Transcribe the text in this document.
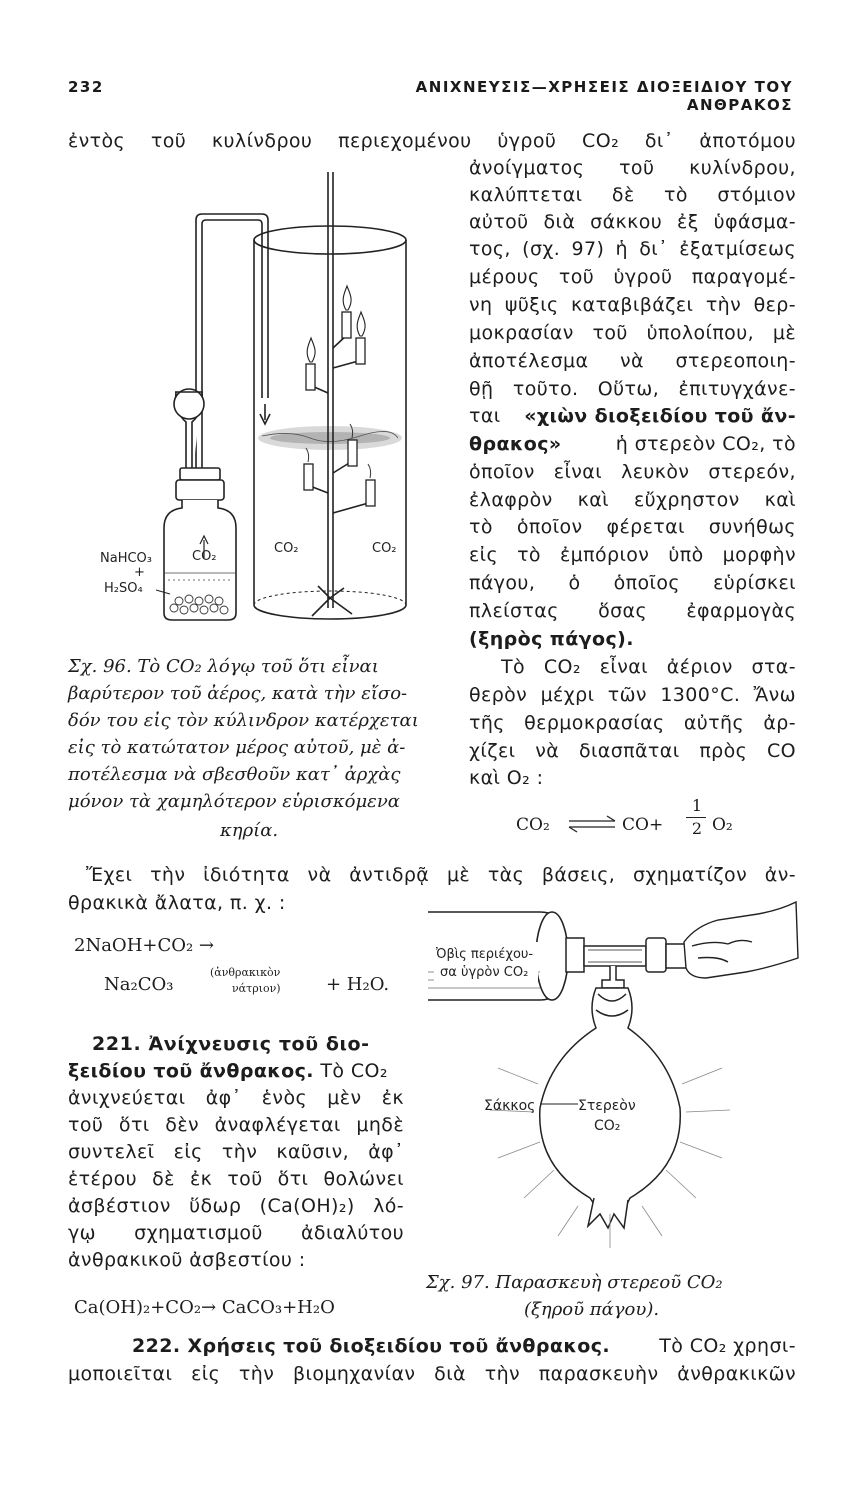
232	ΑΝΙΧΝΕΥΣΙΣ—ΧΡΗΣΕΙΣ ΔΙΟΞΕΙΔΙΟΥ ΤΟΥ ΑΝΘΡΑΚΟΣ
ἐντὸς τοῦ κυλίνδρου περιεχομένου ὑγροῦ CO₂ δι᾿ ἀποτόμου
ἀνοίγματος τοῦ κυλίνδρου,
καλύπτεται δὲ τὸ στόμιον
αὐτοῦ διὰ σάκκου ἐξ ὑφάσμα-
τος, (σχ. 97) ἡ δι᾿ ἐξατμίσεως
μέρους τοῦ ὑγροῦ παραγομέ-
νη ψῦξις καταβιβάζει τὴν θερ-
μοκρασίαν τοῦ ὑπολοίπου, μὲ
ἀποτέλεσμα νὰ στερεοποιη-
θῇ τοῦτο. Οὕτω, ἐπιτυγχάνε-
ται «χιὼν διοξειδίου τοῦ ἄν-
θρακος»	ἡ στερεὸν CO₂, τὸ
ὁποῖον εἶναι λευκὸν στερεόν,
ἐλαφρὸν καὶ εὔχρηστον καὶ
τὸ ὁποῖον φέρεται συνήθως
εἰς τὸ ἐμπόριον ὑπὸ μορφὴν
πάγου, ὁ ὁποῖος εὑρίσκει
πλείστας ὅσας ἐφαρμογὰς
(ξηρὸς πάγος).
Τὸ CO₂ εἶναι ἀέριον στα-
θερὸν μέχρι τῶν 1300°C. Ἄνω
τῆς θερμοκρασίας αὐτῆς ἀρ-
χίζει νὰ διασπᾶται πρὸς CO
καὶ O₂ :
CO₂ ⇌ CO+
1
2 O₂
NaHCO₃
+
H₂SO₄
CO₂
CO₂	CO₂
Σχ. 96. Τὸ CO₂ λόγῳ τοῦ ὅτι εἶναι
βαρύτερον τοῦ ἀέρος, κατὰ τὴν εἴσο-
δόν του εἰς τὸν κύλινδρον κατέρχεται
εἰς τὸ κατώτατον μέρος αὐτοῦ, μὲ ἀ-
ποτέλεσμα νὰ σβεσθοῦν κατ᾿ ἀρχὰς
μόνον τὰ χαμηλότερον εὑρισκόμενα
κηρία.
Ἔχει τὴν ἰδιότητα νὰ ἀντιδρᾷ μὲ τὰς βάσεις, σχηματίζον ἀν-
θρακικὰ ἄλατα, π. χ. :
2NaOH+CO₂ →
Na₂CO₃
(ἀνθρακικὸν
νάτριον)	+ H₂O.
221. Ἀνίχνευσις τοῦ διο-
ξειδίου τοῦ ἄνθρακος. Τὸ CO₂
ἀνιχνεύεται ἀφ᾿ ἑνὸς μὲν ἐκ
τοῦ ὅτι δὲν ἀναφλέγεται μηδὲ
συντελεῖ εἰς τὴν καῦσιν, ἀφ᾿
ἑτέρου δὲ ἐκ τοῦ ὅτι θολώνει
ἀσβέστιον ὕδωρ (Ca(OH)₂) λό-
γῳ σχηματισμοῦ ἀδιαλύτου
ἀνθρακικοῦ ἀσβεστίου :
Ca(OH)₂+CO₂→ CaCO₃+H₂O
Ὀβὶς περιέχου-
σα ὑγρὸν CO₂
Σάκκος	Στερεὸν
CO₂
Σχ. 97. Παρασκευὴ στερεοῦ CO₂
(ξηροῦ πάγου).
222. Χρήσεις τοῦ διοξειδίου τοῦ ἄνθρακος.	Τὸ CO₂ χρησι-
μοποιεῖται εἰς τὴν βιομηχανίαν διὰ τὴν παρασκευὴν ἀνθρακικῶν
